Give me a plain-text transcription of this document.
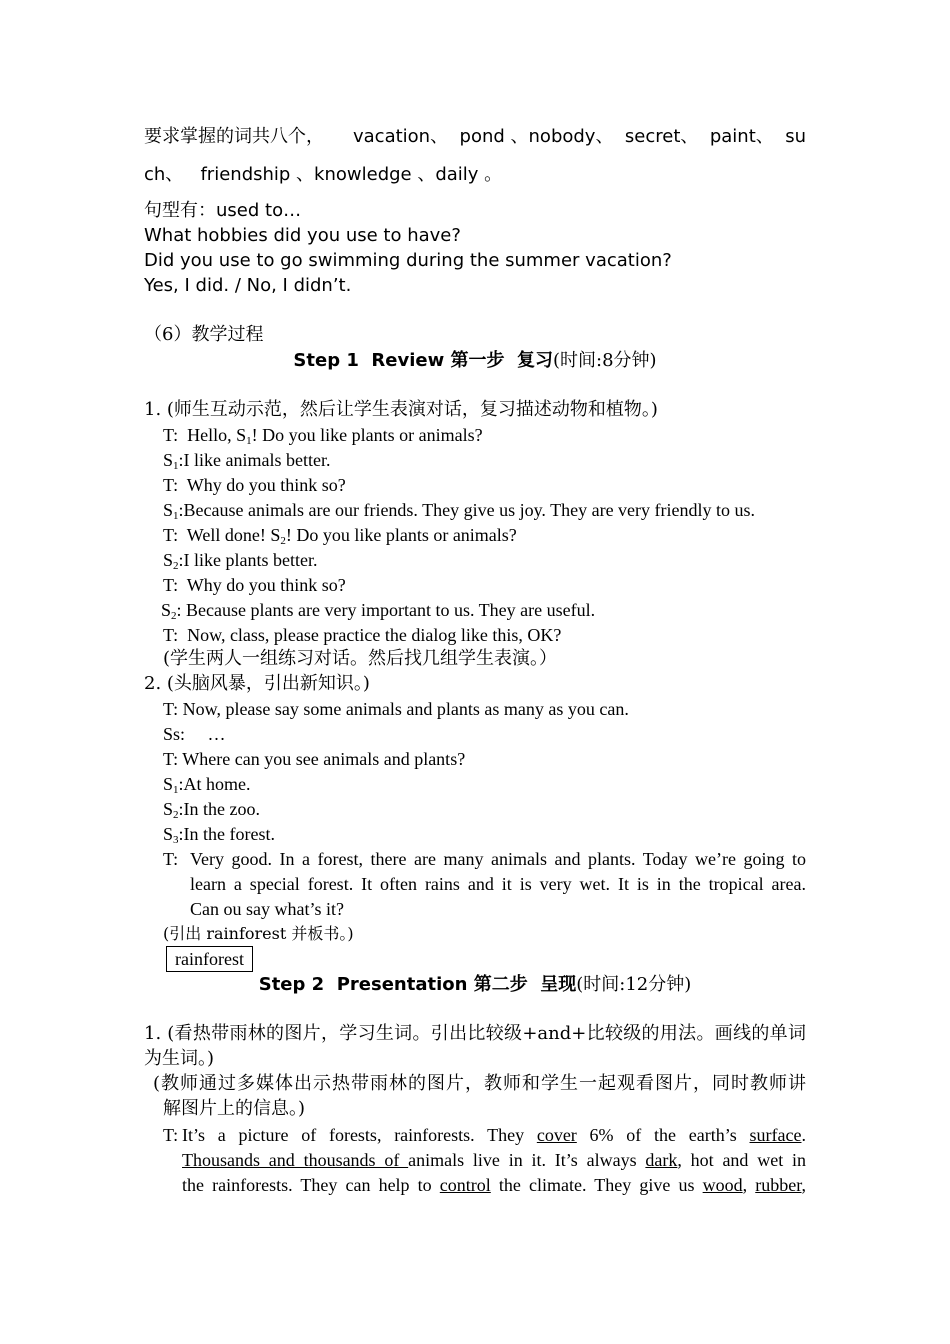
要求掌握的词共八个， vacation、  pond 、nobody、  secret、  paint、  su
ch、   friendship 、knowledge 、daily 。
句型有：used to…
What hobbies did you use to have?
Did you use to go swimming during the summer vacation?
Yes, I did. / No, I didn’t.
（6）教学过程
Step 1  Review 第一步  复习(时间:8分钟)
1. (师生互动示范，然后让学生表演对话，复习描述动物和植物。)
T: Hello, $S_1$! Do you like plants or animals?
$S_1:I$ like animals better.
T: Why do you think so?
$S_1:Because$ animals are our friends. They give us joy. They are very friendly to us.
T: Well done! $S_2$! Do you like plants or animals?
$S_2:I$ like plants better.
T: Why do you think so?
$S_2$: Because plants are very important to us. They are useful.
T: Now, class, please practice the dialog like this, OK?
(学生两人一组练习对话。然后找几组学生表演。）
2. (头脑风暴，引出新知识。)
T: Now, please say some animals and plants as many as you can.
Ss: …
T: Where can you see animals and plants?
$S_1:At$ home.
$S_2:In$ the zoo.
$S_3:In$ the forest.
T: Very good. In a forest, there are many animals and plants. Today we’re going to
learn a special forest. It often rains and it is very wet. It is in the tropical area.
Can ou say what’s it?
(引出 rainforest 并板书。)
rainforest
Step 2  Presentation 第二步  呈现(时间:12分钟)
1. (看热带雨林的图片，学习生词。引出比较级+and+比较级的用法。画线的单词
为生词。)
(教师通过多媒体出示热带雨林的图片，教师和学生一起观看图片，同时教师讲
解图片上的信息。)
T: It’s a picture of forests, rainforests. They cover 6% of the earth’s surface.
Thousands and thousands of animals live in it. It’s always dark, hot and wet in
the rainforests. They can help to control the climate. They give us wood, rubber,
